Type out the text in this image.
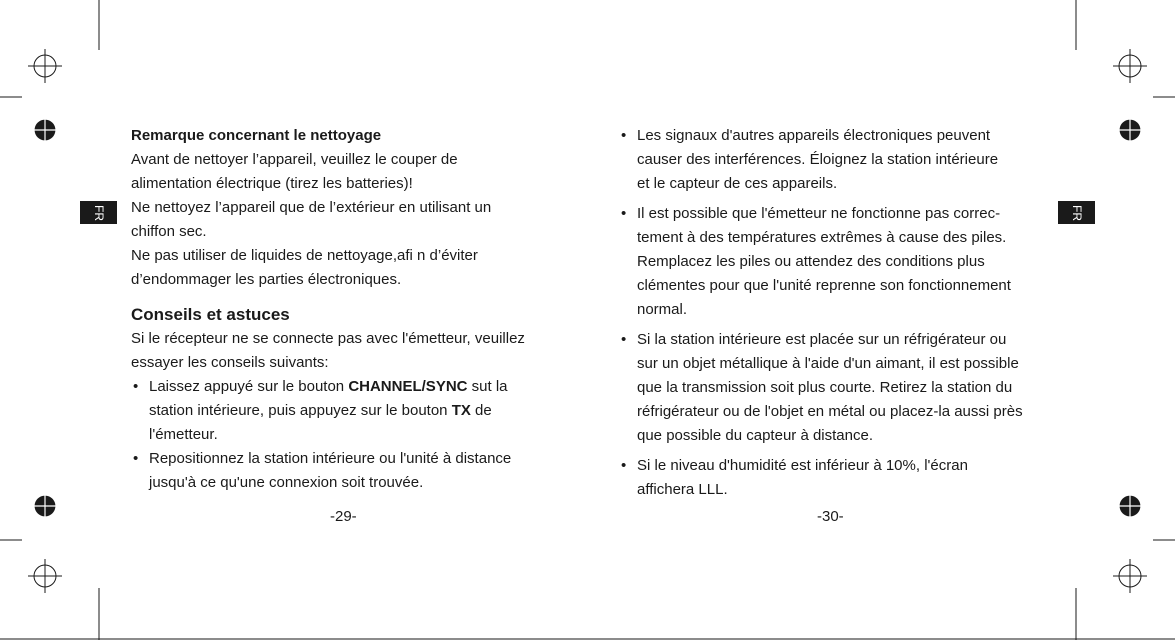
FR	FR
Remarque concernant le nettoyage
Avant de nettoyer l’appareil, veuillez le couper de
alimentation électrique (tirez les batteries)!
Ne nettoyez l’appareil que de l’extérieur en utilisant un
chiffon sec.
Ne pas utiliser de liquides de nettoyage,afi n d’éviter
d’endommager les parties électroniques.
Conseils et astuces
Si le récepteur ne se connecte pas avec l'émetteur, veuillez
essayer les conseils suivants:
• Laissez appuyé sur le bouton CHANNEL/SYNC sut la
station intérieure, puis appuyez sur le bouton TX de
l'émetteur.
• Repositionnez la station intérieure ou l'unité à distance
jusqu'à ce qu'une connexion soit trouvée.
• Les signaux d'autres appareils électroniques peuvent
causer des interférences. Éloignez la station intérieure
et le capteur de ces appareils.
• Il est possible que l'émetteur ne fonctionne pas correc-
tement à des températures extrêmes à cause des piles.
Remplacez les piles ou attendez des conditions plus
clémentes pour que l'unité reprenne son fonctionnement
normal.
• Si la station intérieure est placée sur un réfrigérateur ou
sur un objet métallique à l'aide d'un aimant, il est possible
que la transmission soit plus courte. Retirez la station du
réfrigérateur ou de l'objet en métal ou placez-la aussi près
que possible du capteur à distance.
• Si le niveau d'humidité est inférieur à 10%, l'écran
affichera LLL.
-29-	-30-
